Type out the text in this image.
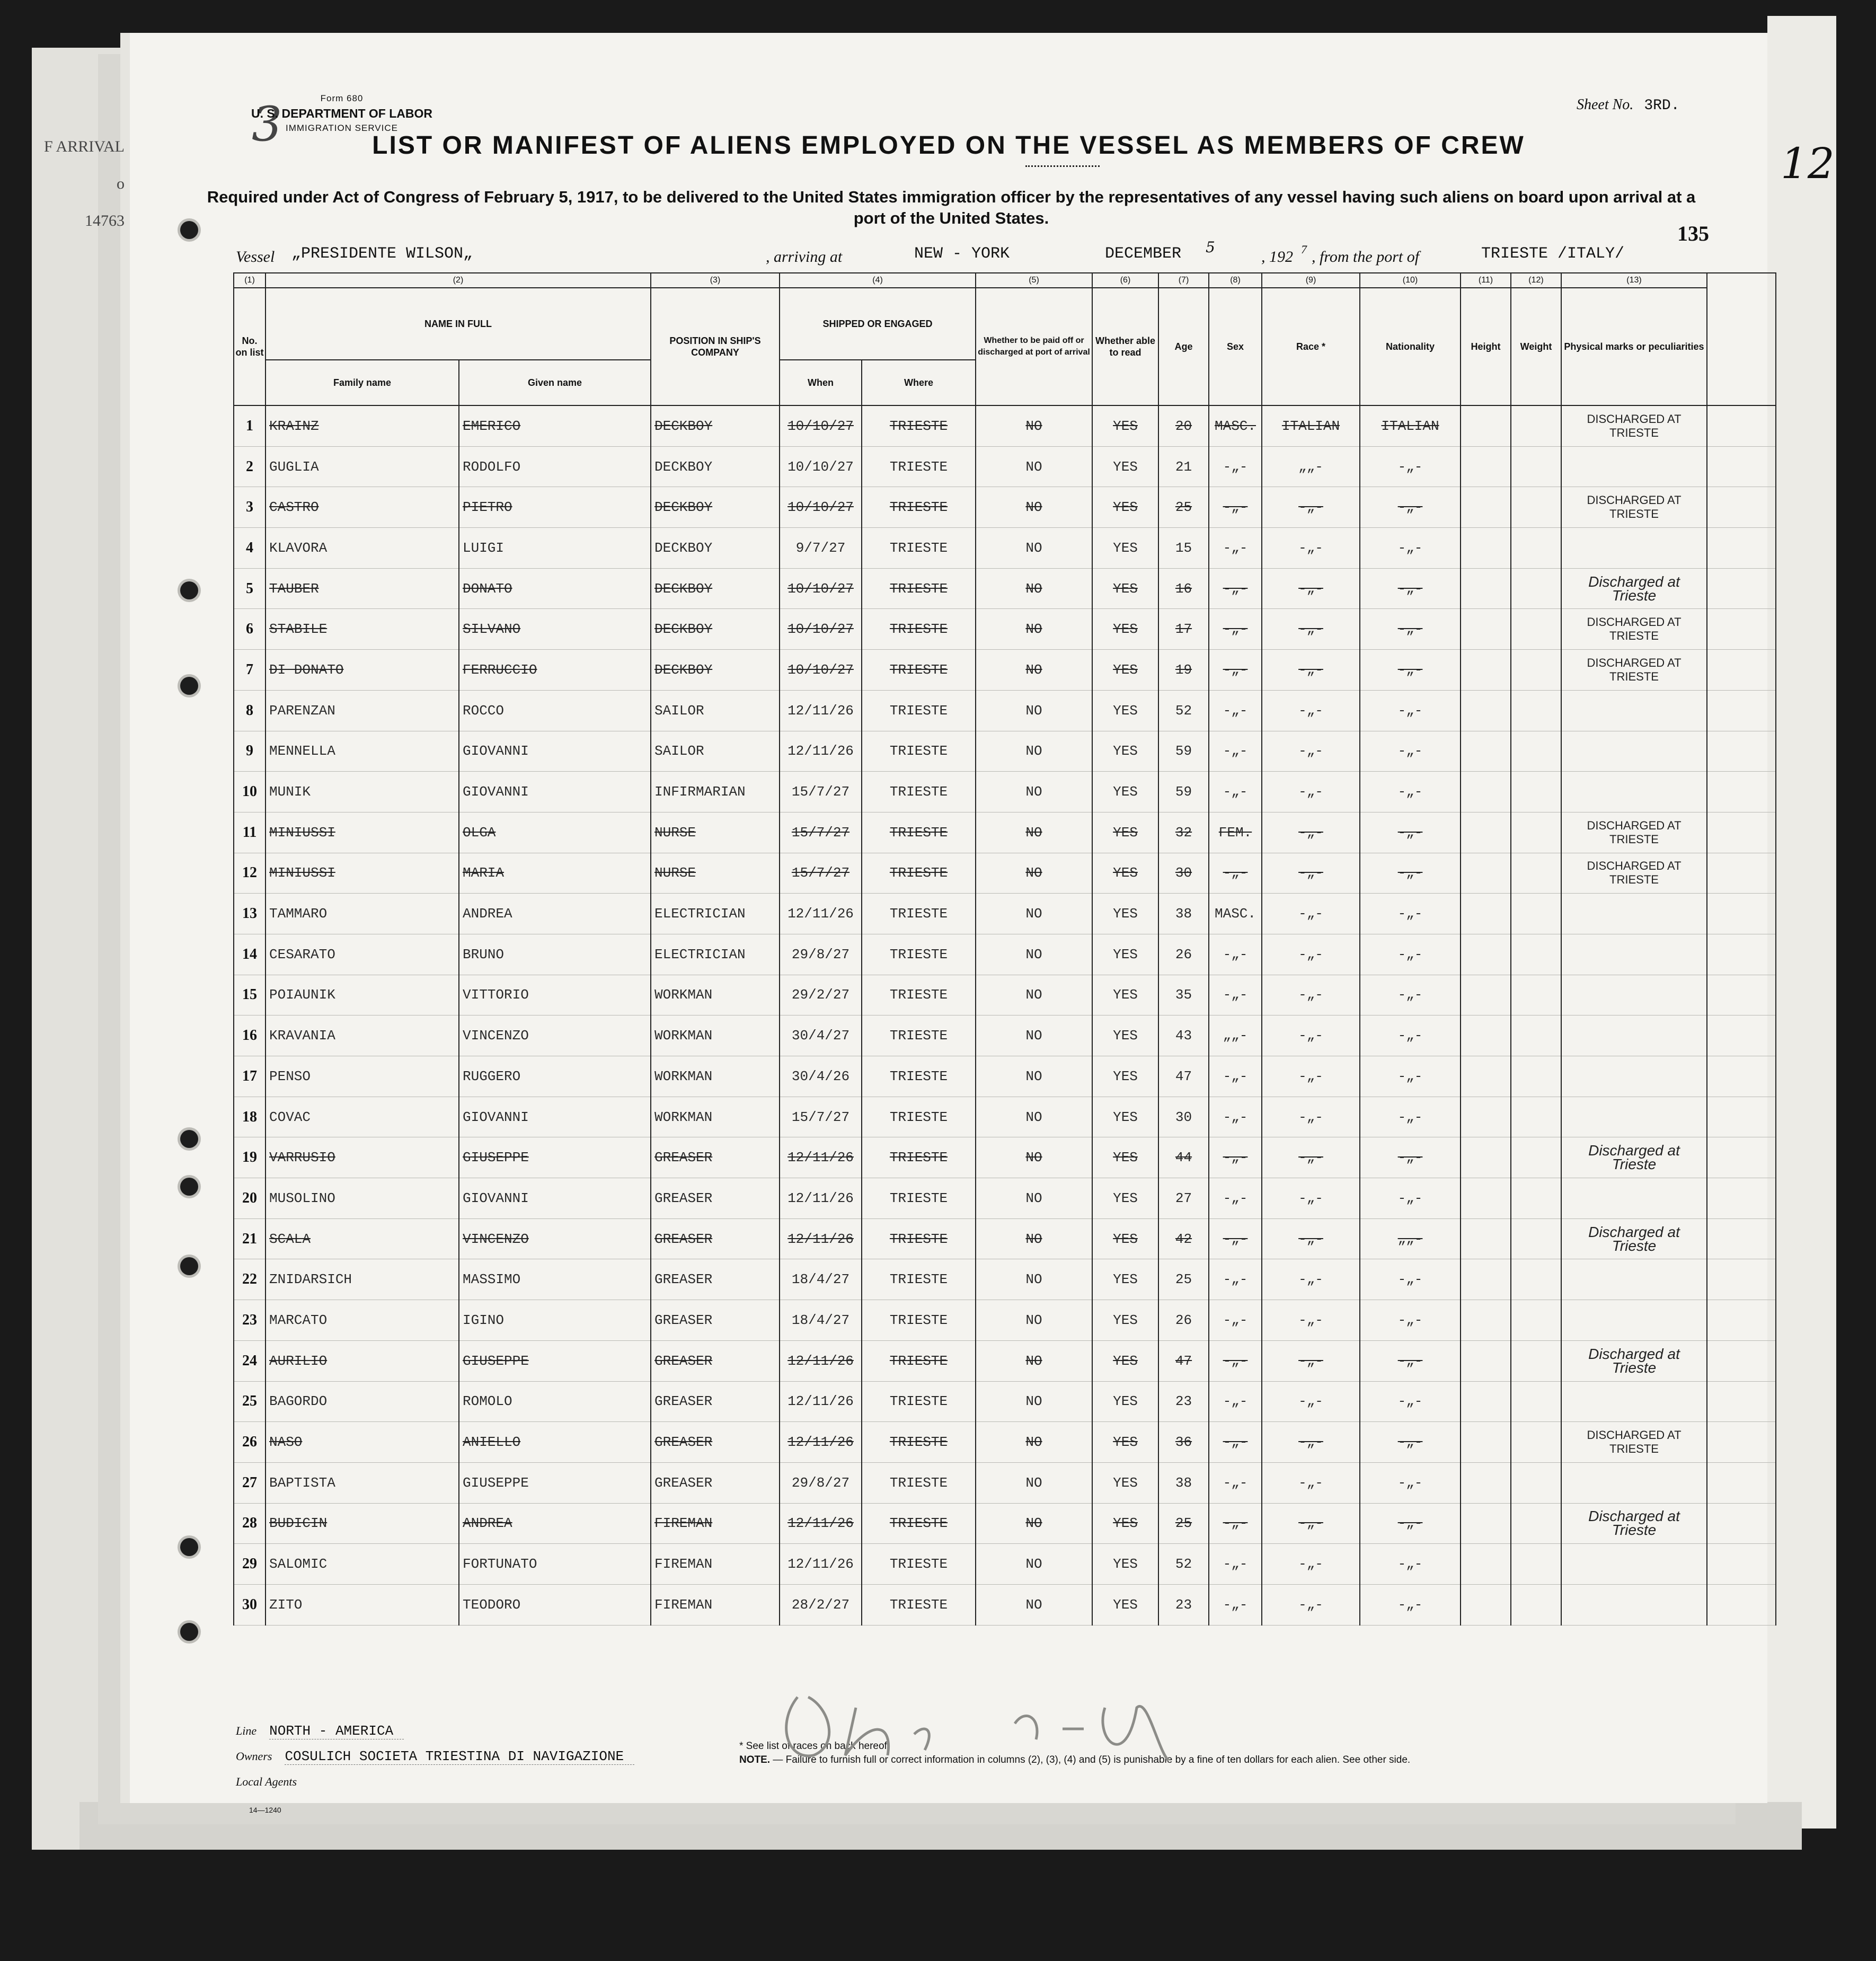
F ARRIVAL
o
14763
3
12
Form 680
U. S. DEPARTMENT OF LABOR
IMMIGRATION SERVICE
Sheet No. 3RD.
LIST OR MANIFEST OF ALIENS EMPLOYED ON THE VESSEL AS MEMBERS OF CREW
Required under Act of Congress of February 5, 1917, to be delivered to the United States immigration officer by the representatives of any vessel having such aliens on board upon arrival at a port of the United States.
135
Vessel „PRESIDENTE WILSON„	, arriving at	NEW - YORK	DECEMBER 5
, 192 7 , from the port of	TRIESTE /ITALY/
(1)	(2)		(3)	(4)		(5)	(6)	(7)	(8)	(9)	(10)	(11)	(12)	(13)	
No. on list	NAME IN FULL		POSITION IN SHIP'S COMPANY	SHIPPED OR ENGAGED		Whether to be paid off or discharged at port of arrival	Whether able to read	Age	Sex	Race *	Nationality	Height	Weight	Physical marks or peculiarities	
	Family name	Given name		When	Where										
1	KRAINZ	EMERICO	DECKBOY	10/10/27	TRIESTE	NO	YES	20	MASC.	ITALIAN	ITALIAN			DISCHARGED AT TRIESTE	
2	GUGLIA	RODOLFO	DECKBOY	10/10/27	TRIESTE	NO	YES	21	-„-	„„-	-„-				
3	CASTRO	PIETRO	DECKBOY	10/10/27	TRIESTE	NO	YES	25	-„-	-„-	-„-			DISCHARGED AT TRIESTE	
4	KLAVORA	LUIGI	DECKBOY	9/7/27	TRIESTE	NO	YES	15	-„-	-„-	-„-				
5	TAUBER	DONATO	DECKBOY	10/10/27	TRIESTE	NO	YES	16	-„-	-„-	-„-			Discharged at Trieste	
6	STABILE	SILVANO	DECKBOY	10/10/27	TRIESTE	NO	YES	17	-„-	-„-	-„-			DISCHARGED AT TRIESTE	
7	DI DONATO	FERRUCCIO	DECKBOY	10/10/27	TRIESTE	NO	YES	19	-„-	-„-	-„-			DISCHARGED AT TRIESTE	
8	PARENZAN	ROCCO	SAILOR	12/11/26	TRIESTE	NO	YES	52	-„-	-„-	-„-				
9	MENNELLA	GIOVANNI	SAILOR	12/11/26	TRIESTE	NO	YES	59	-„-	-„-	-„-				
10	MUNIK	GIOVANNI	INFIRMARIAN	15/7/27	TRIESTE	NO	YES	59	-„-	-„-	-„-				
11	MINIUSSI	OLGA	NURSE	15/7/27	TRIESTE	NO	YES	32	FEM.	-„-	-„-			DISCHARGED AT TRIESTE	
12	MINIUSSI	MARIA	NURSE	15/7/27	TRIESTE	NO	YES	30	-„-	-„-	-„-			DISCHARGED AT TRIESTE	
13	TAMMARO	ANDREA	ELECTRICIAN	12/11/26	TRIESTE	NO	YES	38	MASC.	-„-	-„-				
14	CESARATO	BRUNO	ELECTRICIAN	29/8/27	TRIESTE	NO	YES	26	-„-	-„-	-„-				
15	POIAUNIK	VITTORIO	WORKMAN	29/2/27	TRIESTE	NO	YES	35	-„-	-„-	-„-				
16	KRAVANIA	VINCENZO	WORKMAN	30/4/27	TRIESTE	NO	YES	43	„„-	-„-	-„-				
17	PENSO	RUGGERO	WORKMAN	30/4/26	TRIESTE	NO	YES	47	-„-	-„-	-„-				
18	COVAC	GIOVANNI	WORKMAN	15/7/27	TRIESTE	NO	YES	30	-„-	-„-	-„-				
19	VARRUSIO	GIUSEPPE	GREASER	12/11/26	TRIESTE	NO	YES	44	-„-	-„-	-„-			Discharged at Trieste	
20	MUSOLINO	GIOVANNI	GREASER	12/11/26	TRIESTE	NO	YES	27	-„-	-„-	-„-				
21	SCALA	VINCENZO	GREASER	12/11/26	TRIESTE	NO	YES	42	-„-	-„-	„„-			Discharged at Trieste	
22	ZNIDARSICH	MASSIMO	GREASER	18/4/27	TRIESTE	NO	YES	25	-„-	-„-	-„-				
23	MARCATO	IGINO	GREASER	18/4/27	TRIESTE	NO	YES	26	-„-	-„-	-„-				
24	AURILIO	GIUSEPPE	GREASER	12/11/26	TRIESTE	NO	YES	47	-„-	-„-	-„-			Discharged at Trieste	
25	BAGORDO	ROMOLO	GREASER	12/11/26	TRIESTE	NO	YES	23	-„-	-„-	-„-				
26	NASO	ANIELLO	GREASER	12/11/26	TRIESTE	NO	YES	36	-„-	-„-	-„-			DISCHARGED AT TRIESTE	
27	BAPTISTA	GIUSEPPE	GREASER	29/8/27	TRIESTE	NO	YES	38	-„-	-„-	-„-				
28	BUDICIN	ANDREA	FIREMAN	12/11/26	TRIESTE	NO	YES	25	-„-	-„-	-„-			Discharged at Trieste	
29	SALOMIC	FORTUNATO	FIREMAN	12/11/26	TRIESTE	NO	YES	52	-„-	-„-	-„-				
30	ZITO	TEODORO	FIREMAN	28/2/27	TRIESTE	NO	YES	23	-„-	-„-	-„-				
Line NORTH - AMERICA
Owners COSULICH SOCIETA TRIESTINA DI NAVIGAZIONE
Local Agents
* See list of races on back hereof.
NOTE. — Failure to furnish full or correct information in columns (2), (3), (4) and (5) is punishable by a fine of ten dollars for each alien. See other side.
14—1240
